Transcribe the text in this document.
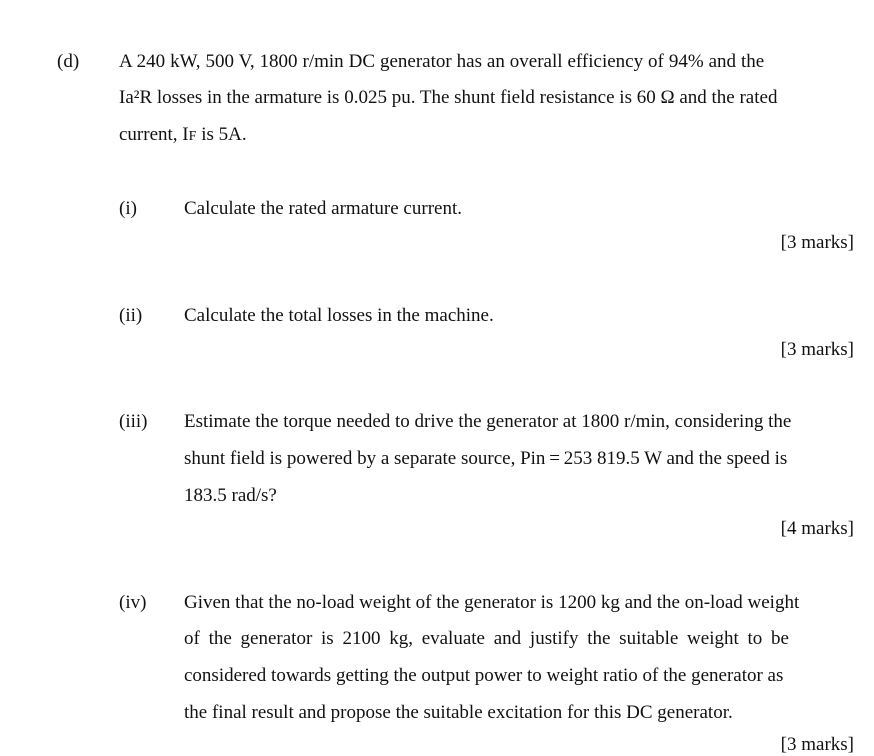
(d) A 240 kW, 500 V, 1800 r/min DC generator has an overall efficiency of 94% and the
Ia²R losses in the armature is 0.025 pu. The shunt field resistance is 60 Ω and the rated
current, IF is 5A.
(i) Calculate the rated armature current.
[3 marks]
(ii) Calculate the total losses in the machine.
[3 marks]
(iii) Estimate the torque needed to drive the generator at 1800 r/min, considering the
shunt field is powered by a separate source, Pin = 253 819.5 W and the speed is
183.5 rad/s?
[4 marks]
(iv) Given that the no-load weight of the generator is 1200 kg and the on-load weight
of the generator is 2100 kg, evaluate and justify the suitable weight to be
considered towards getting the output power to weight ratio of the generator as
the final result and propose the suitable excitation for this DC generator.
[3 marks]
